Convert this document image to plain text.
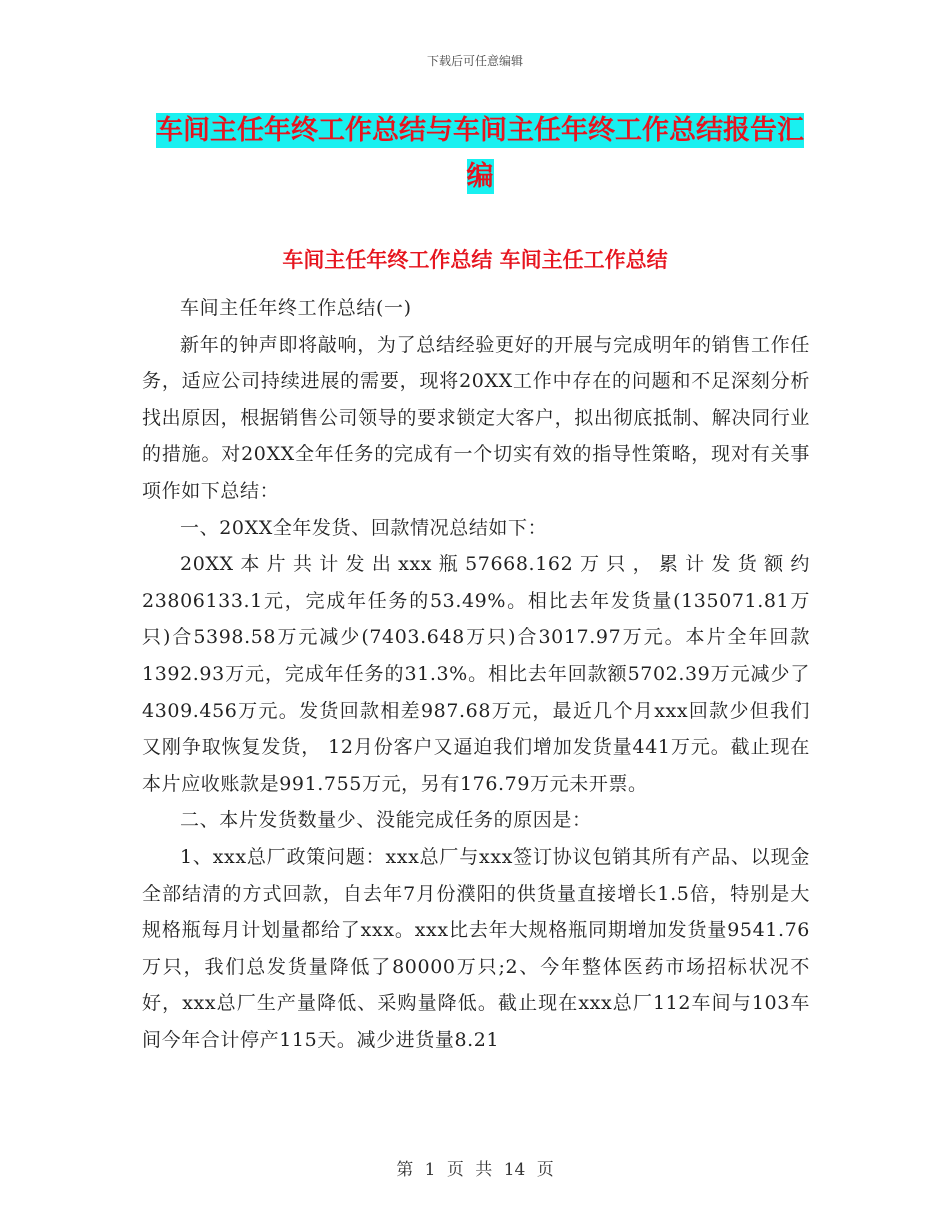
下载后可任意编辑
车间主任年终工作总结与车间主任年终工作总结报告汇编
车间主任年终工作总结 车间主任工作总结

车间主任年终工作总结(一)

新年的钟声即将敲响，为了总结经验更好的开展与完成明年的销售工作任务，适应公司持续进展的需要，现将20XX工作中存在的问题和不足深刻分析找出原因，根据销售公司领导的要求锁定大客户，拟出彻底抵制、解决同行业的措施。对20XX全年任务的完成有一个切实有效的指导性策略，现对有关事项作如下总结：

一、20XX全年发货、回款情况总结如下：

20XX本片共计发出xxx瓶57668.162万只，累计发货额约23806133.1元，完成年任务的53.49%。相比去年发货量(135071.81万只)合5398.58万元减少(7403.648万只)合3017.97万元。本片全年回款1392.93万元，完成年任务的31.3%。相比去年回款额5702.39万元减少了4309.456万元。发货回款相差987.68万元，最近几个月xxx回款少但我们又刚争取恢复发货， 12月份客户又逼迫我们增加发货量441万元。截止现在本片应收账款是991.755万元，另有176.79万元未开票。

二、本片发货数量少、没能完成任务的原因是：

1、xxx总厂政策问题：xxx总厂与xxx签订协议包销其所有产品、以现金全部结清的方式回款，自去年7月份濮阳的供货量直接增长1.5倍，特别是大规格瓶每月计划量都给了xxx。xxx比去年大规格瓶同期增加发货量9541.76万只，我们总发货量降低了80000万只;2、今年整体医药市场招标状况不好，xxx总厂生产量降低、采购量降低。截止现在xxx总厂112车间与103车间今年合计停产115天。减少进货量8.21

第 1 页 共 14 页
